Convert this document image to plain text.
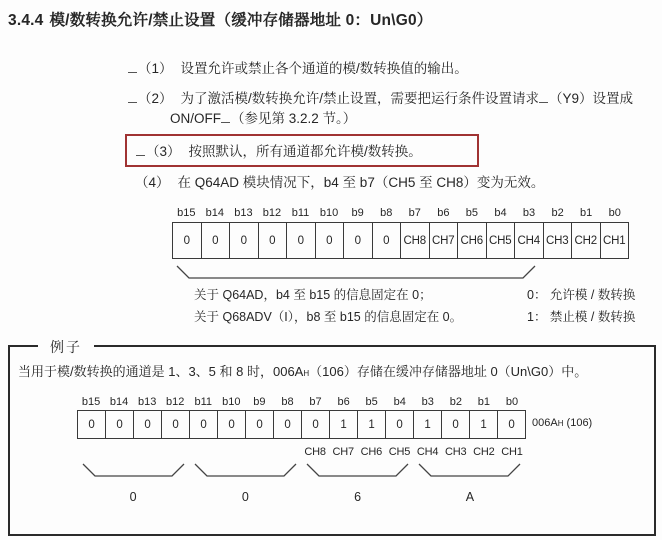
3.4.4 模/数转换允许/禁止设置（缓冲存储器地址 0：Un\G0）
（1） 设置允许或禁止各个通道的模/数转换值的输出。
（2） 为了激活模/数转换允许/禁止设置，需要把运行条件设置请求 （Y9）设置成
ON/OFF （参见第 3.2.2 节。）
（3） 按照默认，所有通道都允许模/数转换。
（4） 在 Q64AD 模块情况下，b4 至 b7（CH5 至 CH8）变为无效。
b15 b14 b13 b12 b11 b10	b9	b8	b7	b6	b5	b4	b3	b2	b1	b0
0	0	0	0	0	0	0	0	CH8 CH7 CH6 CH5 CH4 CH3 CH2 CH1
关于 Q64AD，b4 至 b15 的信息固定在 0；
关于 Q68ADV（I），b8 至 b15 的信息固定在 0。
0： 允许模 / 数转换
1： 禁止模 / 数转换
例子
当用于模/数转换的通道是 1、3、5 和 8 时，006AH（106）存储在缓冲存储器地址 0（Un\G0）中。
b15 b14 b13 b12 b11 b10	b9	b8	b7	b6	b5	b4	b3	b2	b1	b0
0	0	0	0	0	0	0	0	0	1	1	0	1	0	1	0	006AH (106)
CH8 CH7 CH6 CH5 CH4 CH3 CH2 CH1
0	0	6	A
